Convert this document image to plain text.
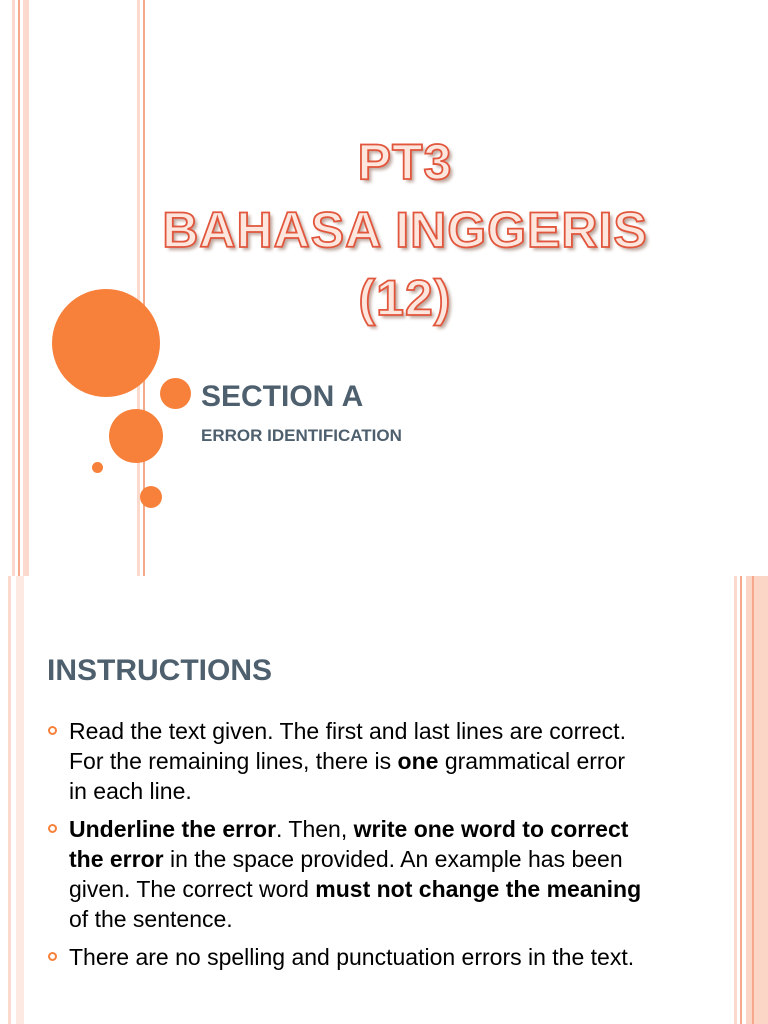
PT3
BAHASA INGGERIS
(12)

SECTION A

ERROR IDENTIFICATION

INSTRUCTIONS
Read the text given. The first and last lines are correct. For the remaining lines, there is one grammatical error in each line.
Underline the error. Then, write one word to correct the error in the space provided. An example has been given. The correct word must not change the meaning of the sentence.
There are no spelling and punctuation errors in the text.
